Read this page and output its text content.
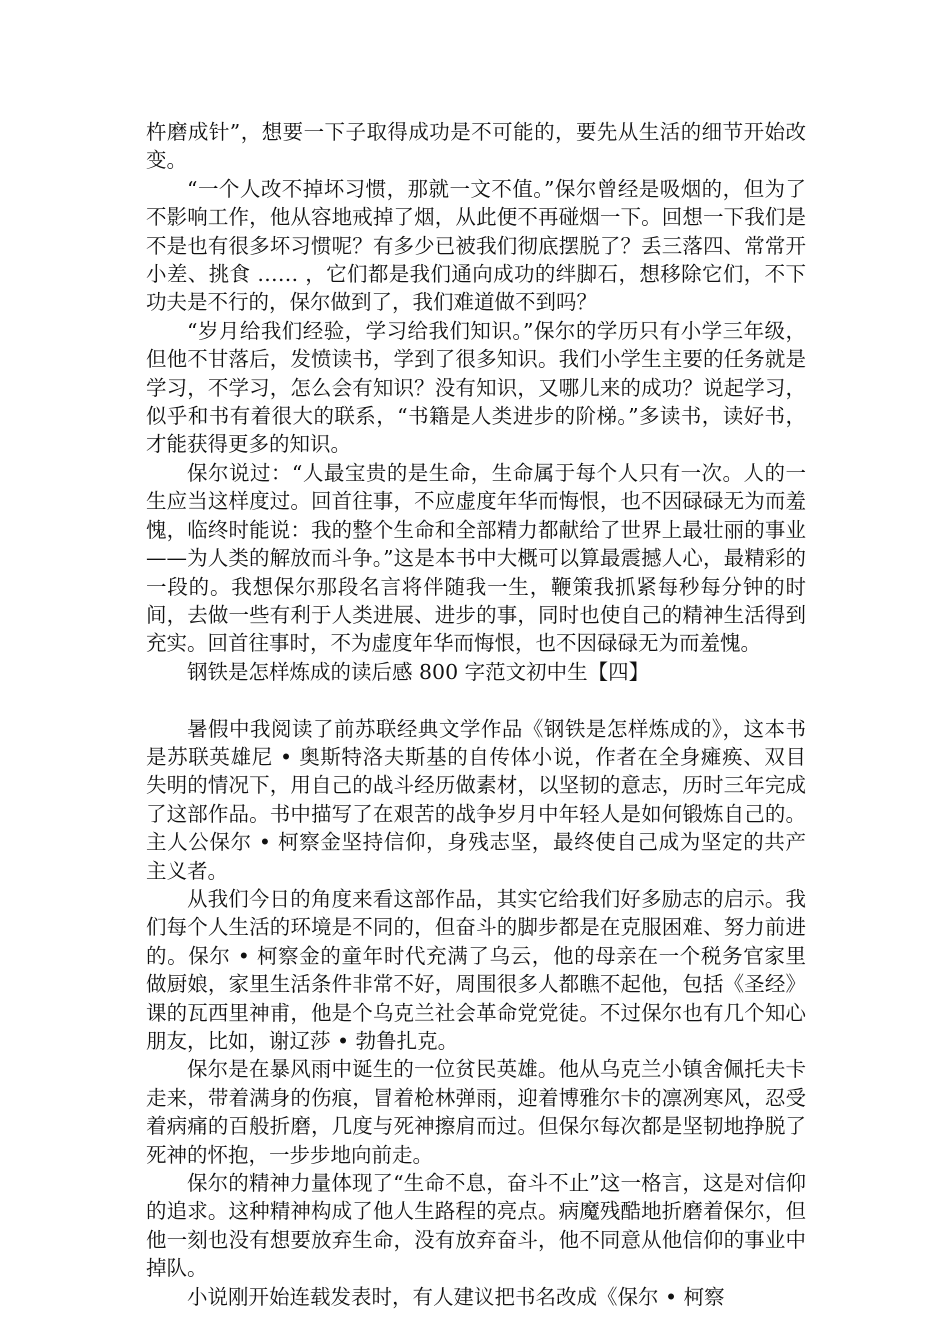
杵磨成针”，想要一下子取得成功是不可能的，要先从生活的细节开始改变。

“一个人改不掉坏习惯，那就一文不值。”保尔曾经是吸烟的，但为了不影响工作，他从容地戒掉了烟，从此便不再碰烟一下。回想一下我们是不是也有很多坏习惯呢？有多少已被我们彻底摆脱了？丢三落四、常常开小差、挑食 …… ，它们都是我们通向成功的绊脚石，想移除它们，不下功夫是不行的，保尔做到了，我们难道做不到吗？

“岁月给我们经验，学习给我们知识。”保尔的学历只有小学三年级，但他不甘落后，发愤读书，学到了很多知识。我们小学生主要的任务就是学习，不学习，怎么会有知识？没有知识，又哪儿来的成功？说起学习，似乎和书有着很大的联系，“书籍是人类进步的阶梯。”多读书，读好书，才能获得更多的知识。

保尔说过：“人最宝贵的是生命，生命属于每个人只有一次。人的一生应当这样度过。回首往事，不应虚度年华而悔恨，也不因碌碌无为而羞愧，临终时能说：我的整个生命和全部精力都献给了世界上最壮丽的事业——为人类的解放而斗争。”这是本书中大概可以算最震撼人心，最精彩的一段的。我想保尔那段名言将伴随我一生，鞭策我抓紧每秒每分钟的时间，去做一些有利于人类进展、进步的事，同时也使自己的精神生活得到充实。回首往事时，不为虚度年华而悔恨，也不因碌碌无为而羞愧。

钢铁是怎样炼成的读后感 800 字范文初中生【四】

暑假中我阅读了前苏联经典文学作品《钢铁是怎样炼成的》，这本书是苏联英雄尼 • 奥斯特洛夫斯基的自传体小说，作者在全身瘫痪、双目失明的情况下，用自己的战斗经历做素材，以坚韧的意志，历时三年完成了这部作品。书中描写了在艰苦的战争岁月中年轻人是如何锻炼自己的。主人公保尔 • 柯察金坚持信仰，身残志坚，最终使自己成为坚定的共产主义者。

从我们今日的角度来看这部作品，其实它给我们好多励志的启示。我们每个人生活的环境是不同的，但奋斗的脚步都是在克服困难、努力前进的。保尔 • 柯察金的童年时代充满了乌云，他的母亲在一个税务官家里做厨娘，家里生活条件非常不好，周围很多人都瞧不起他，包括《圣经》课的瓦西里神甫，他是个乌克兰社会革命党党徒。不过保尔也有几个知心朋友，比如，谢辽莎 • 勃鲁扎克。

保尔是在暴风雨中诞生的一位贫民英雄。他从乌克兰小镇舍佩托夫卡走来，带着满身的伤痕，冒着枪林弹雨，迎着博雅尔卡的凛冽寒风，忍受着病痛的百般折磨，几度与死神擦肩而过。但保尔每次都是坚韧地挣脱了死神的怀抱，一步步地向前走。

保尔的精神力量体现了“生命不息，奋斗不止”这一格言，这是对信仰的追求。这种精神构成了他人生路程的亮点。病魔残酷地折磨着保尔，但他一刻也没有想要放弃生命，没有放弃奋斗，他不同意从他信仰的事业中掉队。

小说刚开始连载发表时，有人建议把书名改成《保尔 • 柯察
